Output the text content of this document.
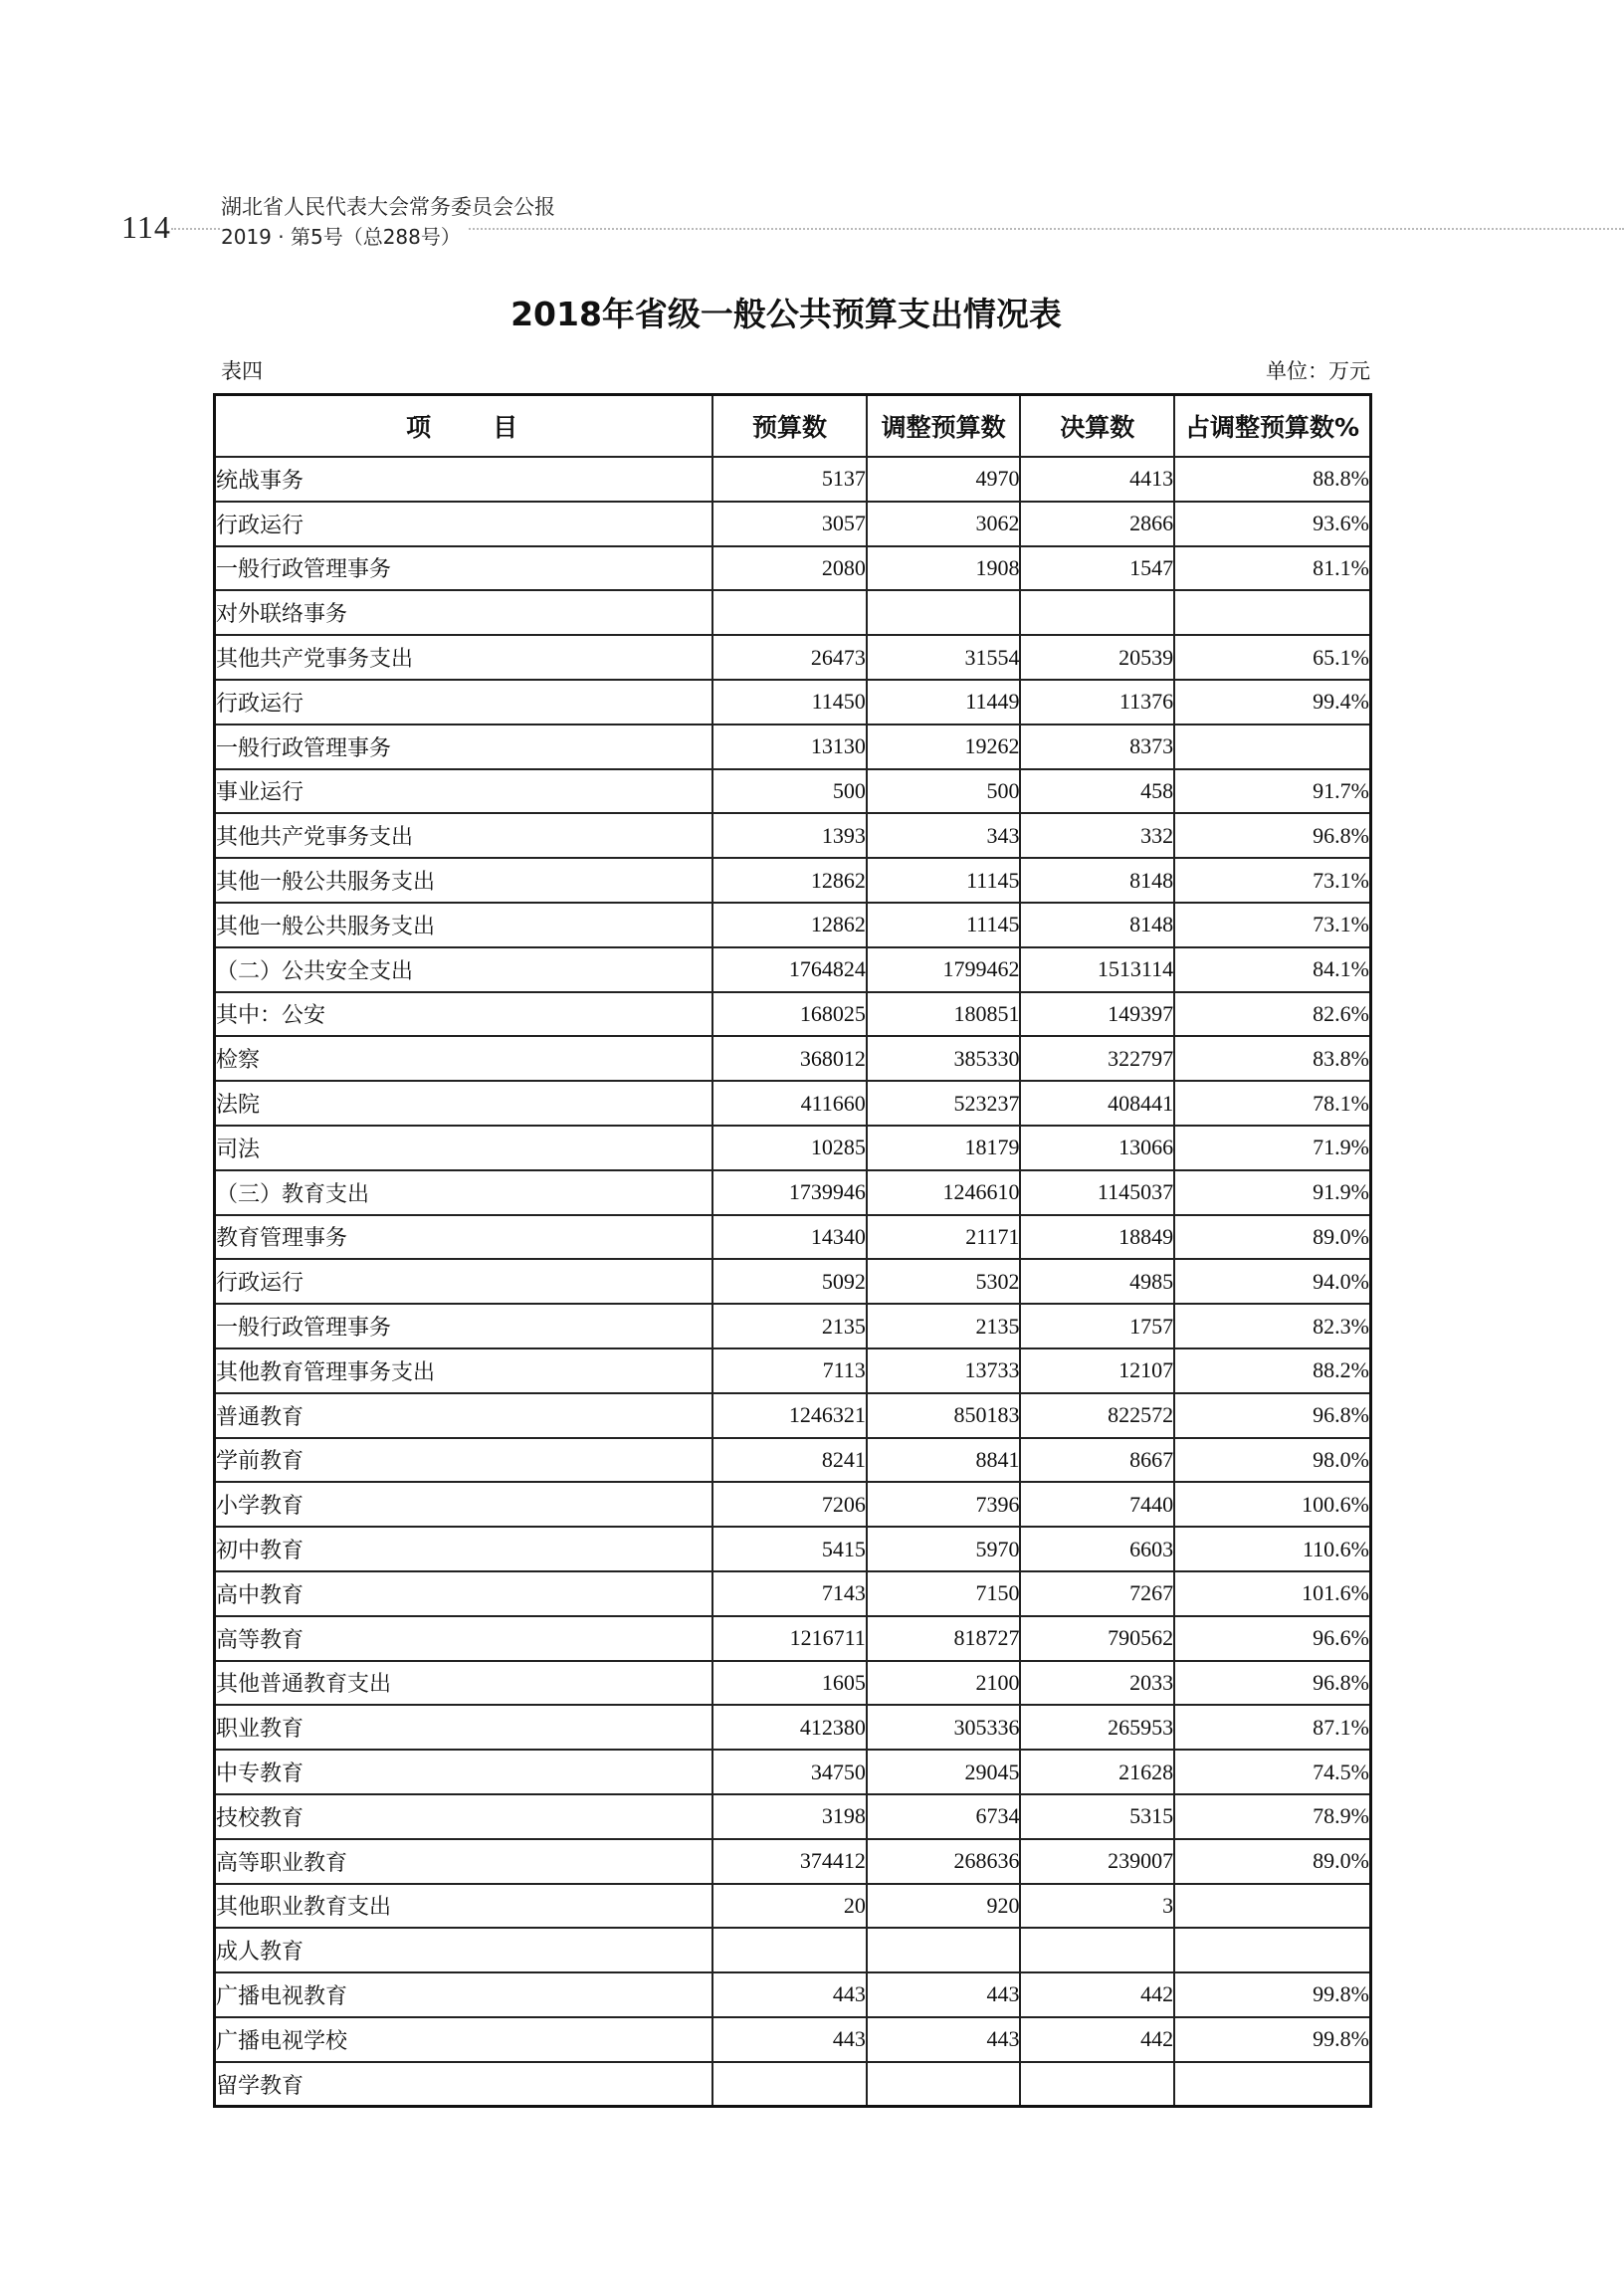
114
湖北省人民代表大会常务委员会公报
2019 · 第5号（总288号）
2018年省级一般公共预算支出情况表
表四	单位：万元
项　　目	预算数	调整预算数	决算数	占调整预算数%
统战事务	5137	4970	4413	88.8%
行政运行	3057	3062	2866	93.6%
一般行政管理事务	2080	1908	1547	81.1%
对外联络事务				
其他共产党事务支出	26473	31554	20539	65.1%
行政运行	11450	11449	11376	99.4%
一般行政管理事务	13130	19262	8373	
事业运行	500	500	458	91.7%
其他共产党事务支出	1393	343	332	96.8%
其他一般公共服务支出	12862	11145	8148	73.1%
其他一般公共服务支出	12862	11145	8148	73.1%
（二）公共安全支出	1764824	1799462	1513114	84.1%
其中：公安	168025	180851	149397	82.6%
检察	368012	385330	322797	83.8%
法院	411660	523237	408441	78.1%
司法	10285	18179	13066	71.9%
（三）教育支出	1739946	1246610	1145037	91.9%
教育管理事务	14340	21171	18849	89.0%
行政运行	5092	5302	4985	94.0%
一般行政管理事务	2135	2135	1757	82.3%
其他教育管理事务支出	7113	13733	12107	88.2%
普通教育	1246321	850183	822572	96.8%
学前教育	8241	8841	8667	98.0%
小学教育	7206	7396	7440	100.6%
初中教育	5415	5970	6603	110.6%
高中教育	7143	7150	7267	101.6%
高等教育	1216711	818727	790562	96.6%
其他普通教育支出	1605	2100	2033	96.8%
职业教育	412380	305336	265953	87.1%
中专教育	34750	29045	21628	74.5%
技校教育	3198	6734	5315	78.9%
高等职业教育	374412	268636	239007	89.0%
其他职业教育支出	20	920	3	
成人教育				
广播电视教育	443	443	442	99.8%
广播电视学校	443	443	442	99.8%
留学教育				
